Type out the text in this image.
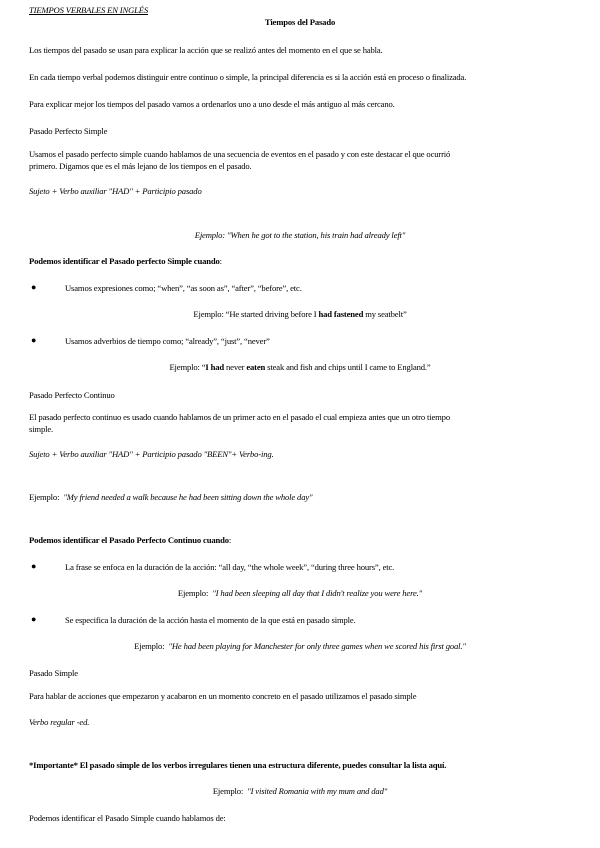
TIEMPOS VERBALES EN INGLÉS
Tiempos del Pasado
Los tiempos del pasado se usan para explicar la acción que se realizó antes del momento en el que se habla.
En cada tiempo verbal podemos distinguir entre continuo o simple, la principal diferencia es si la acción está en proceso o finalizada.
Para explicar mejor los tiempos del pasado vamos a ordenarlos uno a uno desde el más antiguo al más cercano.
Pasado Perfecto Simple
Usamos el pasado perfecto simple cuando hablamos de una secuencia de eventos en el pasado y con este destacar el que ocurrió
primero. Digamos que es el más lejano de los tiempos en el pasado.
Sujeto + Verbo auxiliar "HAD" + Participio pasado
Ejemplo: "When he got to the station, his train had already left"
Podemos identificar el Pasado perfecto Simple cuando:
●	Usamos expresiones como; “when”, “as soon as”, “after”, “before”, etc.
Ejemplo: “He started driving before I had fastened my seatbelt”
●	Usamos adverbios de tiempo como; “already”, “just”, “never”
Ejemplo: “I had never eaten steak and fish and chips until I came to England.”
Pasado Perfecto Continuo
El pasado perfecto continuo es usado cuando hablamos de un primer acto en el pasado el cual empieza antes que un otro tiempo
simple.
Sujeto + Verbo auxiliar "HAD" + Participio pasado "BEEN"+ Verbo-ing.
Ejemplo: "My friend needed a walk because he had been sitting down the whole day"
Podemos identificar el Pasado Perfecto Continuo cuando:
●	La frase se enfoca en la duración de la acción: “all day, “the whole week”, “during three hours”, etc.
Ejemplo: "I had been sleeping all day that I didn't realize you were here."
●	Se especifica la duración de la acción hasta el momento de la que está en pasado simple.
Ejemplo: "He had been playing for Manchester for only three games when we scored his first goal."
Pasado Simple
Para hablar de acciones que empezaron y acabaron en un momento concreto en el pasado utilizamos el pasado simple
Verbo regular -ed.
*Importante* El pasado simple de los verbos irregulares tienen una estructura diferente, puedes consultar la lista aquí.
Ejemplo: "I visited Romania with my mum and dad"
Podemos identificar el Pasado Simple cuando hablamos de:
